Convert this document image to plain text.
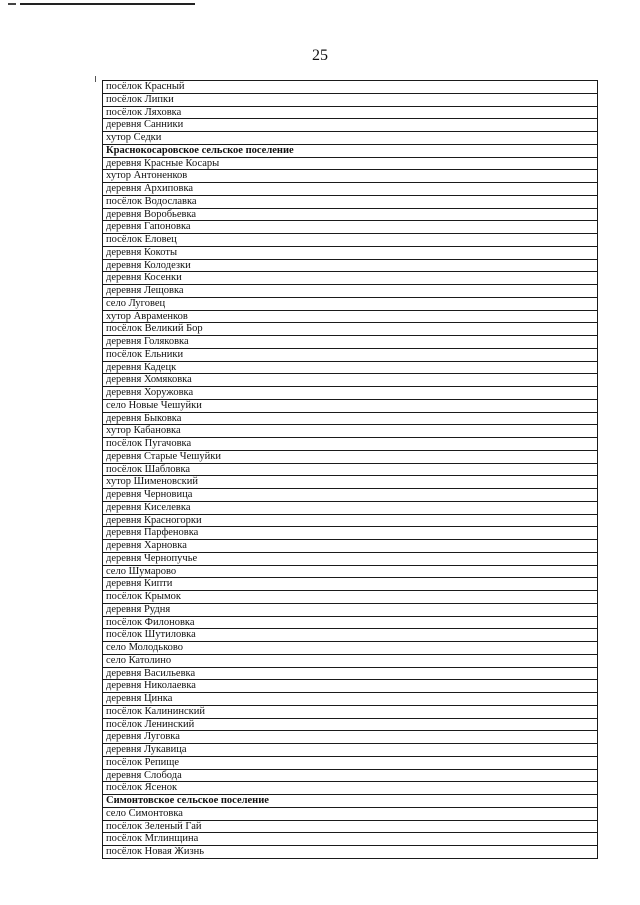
25
посёлок Красный
посёлок Липки
посёлок Ляховка
деревня Санники
хутор Седки
Краснокосаровское сельское поселение
деревня Красные Косары
хутор Антоненков
деревня Архиповка
посёлок Водославка
деревня Воробьевка
деревня Гапоновка
посёлок Еловец
деревня Кокоты
деревня Колодезки
деревня Косенки
деревня Лещовка
село Луговец
хутор Авраменков
посёлок Великий Бор
деревня Голяковка
посёлок Ельники
деревня Кадецк
деревня Хомяковка
деревня Хоружовка
село Новые Чешуйки
деревня Быковка
хутор Кабановка
посёлок Пугачовка
деревня Старые Чешуйки
посёлок Шабловка
хутор Шименовский
деревня Черновица
деревня Киселевка
деревня Красногорки
деревня Парфеновка
деревня Харновка
деревня Чернопучье
село Шумарово
деревня Кипти
посёлок Крымок
деревня Рудня
посёлок Филоновка
посёлок Шутиловка
село Молодьково
село Католино
деревня Васильевка
деревня Николаевка
деревня Цинка
посёлок Калининский
посёлок Ленинский
деревня Луговка
деревня Лукавица
посёлок Репище
деревня Слобода
посёлок Ясенок
Симонтовское сельское поселение
село Симонтовка
посёлок Зеленый Гай
посёлок Мглинщина
посёлок Новая Жизнь
